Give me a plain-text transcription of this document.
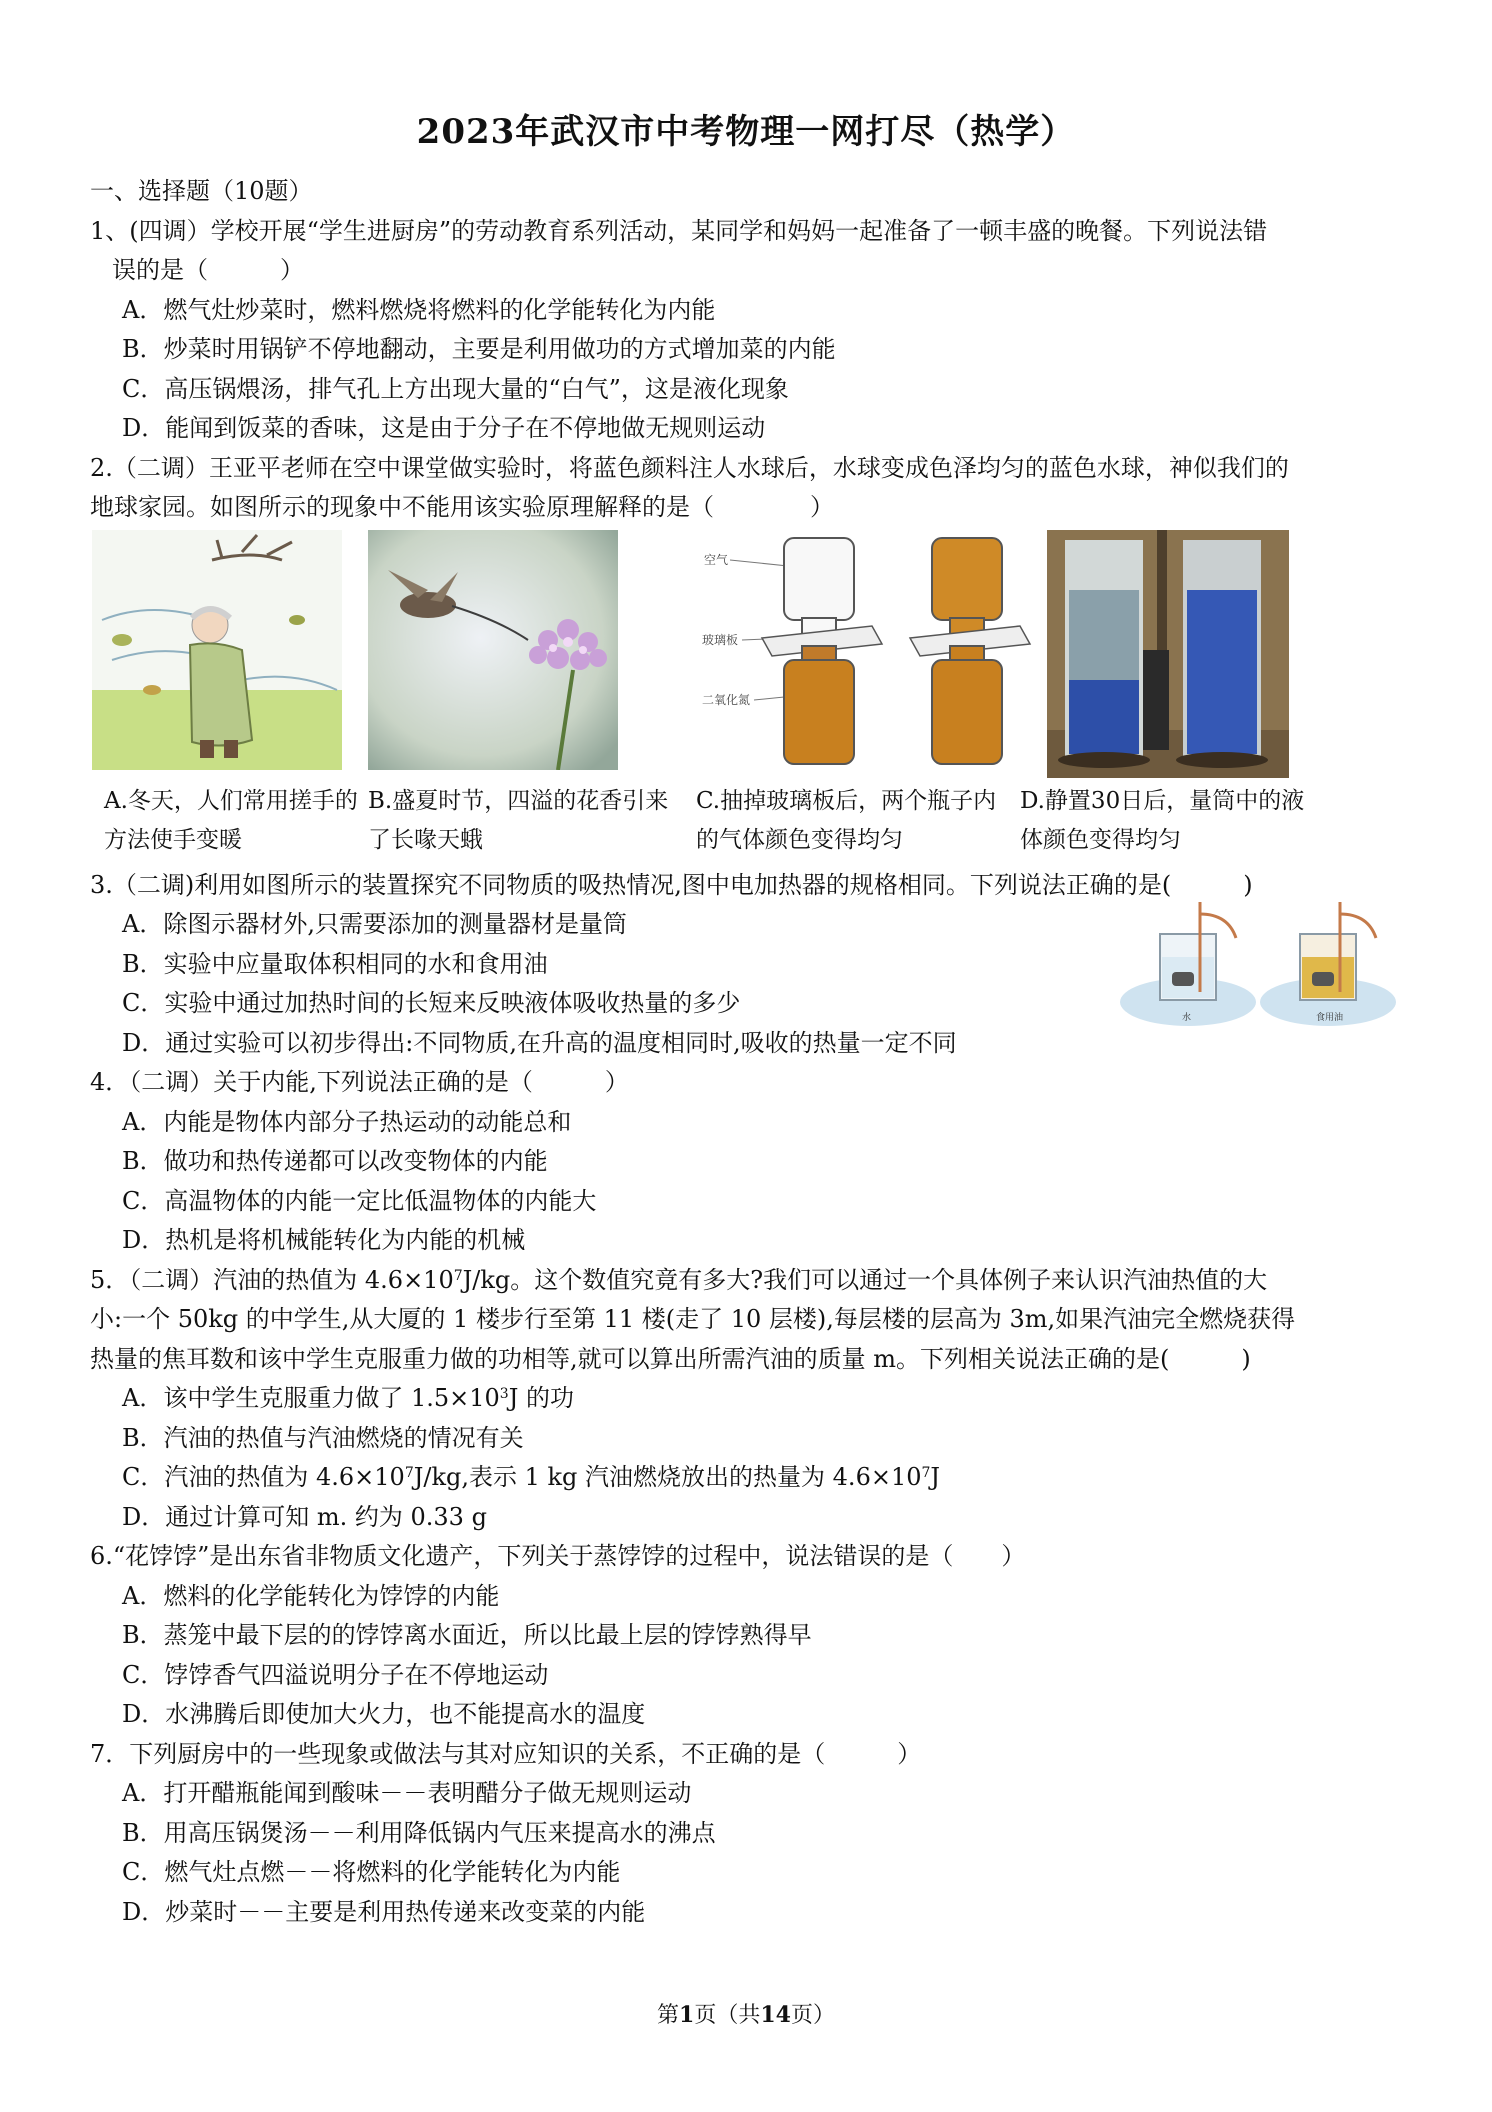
2023年武汉市中考物理一网打尽（热学）
一、选择题（10题）
1、(四调）学校开展“学生进厨房”的劳动教育系列活动，某同学和妈妈一起准备了一顿丰盛的晚餐。下列说法错
误的是（　　　）
A．燃气灶炒菜时，燃料燃烧将燃料的化学能转化为内能
B．炒菜时用锅铲不停地翻动，主要是利用做功的方式增加菜的内能
C．高压锅煨汤，排气孔上方出现大量的“白气”，这是液化现象
D．能闻到饭菜的香味，这是由于分子在不停地做无规则运动
2.（二调）王亚平老师在空中课堂做实验时，将蓝色颜料注人水球后，水球变成色泽均匀的蓝色水球，神似我们的
地球家园。如图所示的现象中不能用该实验原理解释的是（　　　　）
空气
玻璃板
二氧化氮
A.冬天，人们常用搓手的方法使手变暖
B.盛夏时节，四溢的花香引来了长喙天蛾
C.抽掉玻璃板后，两个瓶子内的气体颜色变得均匀
D.静置30日后，量筒中的液体颜色变得均匀
3.（二调)利用如图所示的装置探究不同物质的吸热情况,图中电加热器的规格相同。下列说法正确的是(　　　)
A．除图示器材外,只需要添加的测量器材是量筒
B．实验中应量取体积相同的水和食用油
C．实验中通过加热时间的长短来反映液体吸收热量的多少
D．通过实验可以初步得出:不同物质,在升高的温度相同时,吸收的热量一定不同
水	食用油
4．（二调）关于内能,下列说法正确的是（　　　）
A．内能是物体内部分子热运动的动能总和
B．做功和热传递都可以改变物体的内能
C．高温物体的内能一定比低温物体的内能大
D．热机是将机械能转化为内能的机械
5．（二调）汽油的热值为 $4.6\times 10^7J/kg$。这个数值究竟有多大?我们可以通过一个具体例子来认识汽油热值的大
小:一个 50kg 的中学生,从大厦的 1 楼步行至第 11 楼(走了 10 层楼),每层楼的层高为 3m,如果汽油完全燃烧获得
热量的焦耳数和该中学生克服重力做的功相等,就可以算出所需汽油的质量 m。下列相关说法正确的是(　　　)
A．该中学生克服重力做了 $1.5\times 10^3J$ 的功
B．汽油的热值与汽油燃烧的情况有关
C．汽油的热值为 $4.6\times 10^7J/kg$,表示 1 kg 汽油燃烧放出的热量为 $4.6\times 10^7J$
D．通过计算可知 m. 约为 0.33 g
6.“花饽饽”是出东省非物质文化遗产，下列关于蒸饽饽的过程中，说法错误的是（　　）
A．燃料的化学能转化为饽饽的内能
B．蒸笼中最下层的的饽饽离水面近，所以比最上层的饽饽熟得早
C．饽饽香气四溢说明分子在不停地运动
D．水沸腾后即使加大火力，也不能提高水的温度
7．下列厨房中的一些现象或做法与其对应知识的关系，不正确的是（　　　）
A．打开醋瓶能闻到酸味－－表明醋分子做无规则运动
B．用高压锅煲汤－－利用降低锅内气压来提高水的沸点
C．燃气灶点燃－－将燃料的化学能转化为内能
D．炒菜时－－主要是利用热传递来改变菜的内能
第1页（共14页）
